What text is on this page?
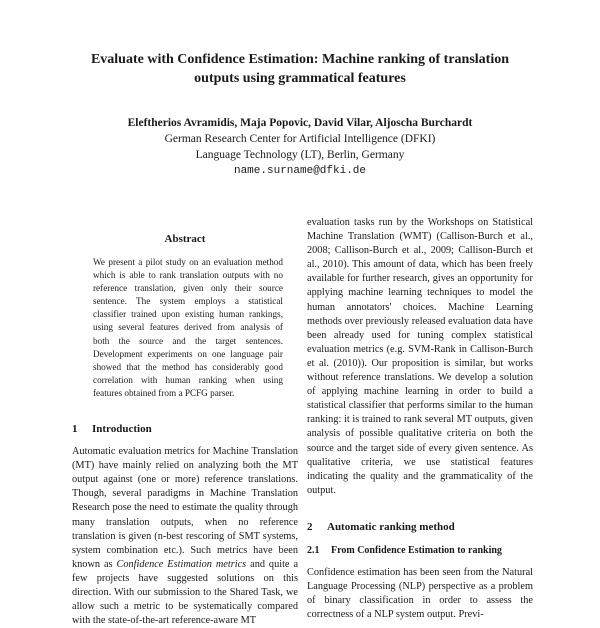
Evaluate with Confidence Estimation: Machine ranking of translation
outputs using grammatical features
Eleftherios Avramidis, Maja Popovic, David Vilar, Aljoscha Burchardt
German Research Center for Artificial Intelligence (DFKI)
Language Technology (LT), Berlin, Germany
name.surname@dfki.de
Abstract

We present a pilot study on an evaluation method which is able to rank translation outputs with no reference translation, given only their source sentence. The system employs a statistical classifier trained upon existing human rankings, using several features derived from analysis of both the source and the target sentences. Development experiments on one language pair showed that the method has considerably good correlation with human ranking when using features obtained from a PCFG parser.

1 Introduction

Automatic evaluation metrics for Machine Translation (MT) have mainly relied on analyzing both the MT output against (one or more) reference translations. Though, several paradigms in Machine Translation Research pose the need to estimate the quality through many translation outputs, when no reference translation is given (n-best rescoring of SMT systems, system combination etc.). Such metrics have been known as Confidence Estimation metrics and quite a few projects have suggested solutions on this direction. With our submission to the Shared Task, we allow such a metric to be systematically compared with the state-of-the-art reference-aware MT

evaluation tasks run by the Workshops on Statistical Machine Translation (WMT) (Callison-Burch et al., 2008; Callison-Burch et al., 2009; Callison-Burch et al., 2010). This amount of data, which has been freely available for further research, gives an opportunity for applying machine learning techniques to model the human annotators' choices. Machine Learning methods over previously released evaluation data have been already used for tuning complex statistical evaluation metrics (e.g. SVM-Rank in Callison-Burch et al. (2010)). Our proposition is similar, but works without reference translations. We develop a solution of applying machine learning in order to build a statistical classifier that performs similar to the human ranking: it is trained to rank several MT outputs, given analysis of possible qualitative criteria on both the source and the target side of every given sentence. As qualitative criteria, we use statistical features indicating the quality and the grammaticality of the output.

2 Automatic ranking method
2.1 From Confidence Estimation to ranking

Confidence estimation has been seen from the Natural Language Processing (NLP) perspective as a problem of binary classification in order to assess the correctness of a NLP system output. Previ-
